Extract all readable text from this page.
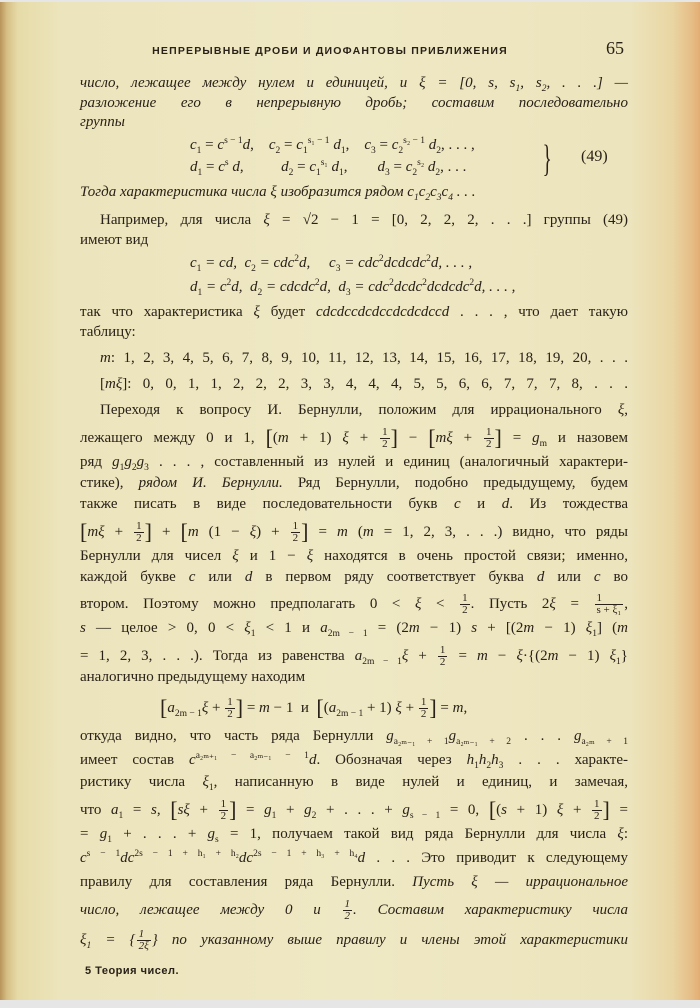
НЕПРЕРЫВНЫЕ ДРОБИ И ДИОФАНТОВЫ ПРИБЛИЖЕНИЯ	65
число, лежащее между нулем и единицей, и ξ = [0, s, $s_1$, $s_2$, . . .] —
разложение его в непрерывную дробь; составим последовательно
группы
$c_1 = c^{s - 1}d$,    $c_2 = c_1^{s_1 - 1}$ $d_1$,    $c_3 = c_2^{s_2 - 1}$ $d_2$, . . . ,
$d_1 = c^s$ d,          $d_2 = c_1^{s_1}$ $d_1$,        $d_3 = c_2^{s_2}$ $d_2$, . . .
Тогда характеристика числа ξ изобразится рядом $c_1c_2c_3c_4$ . . .
Например, для числа ξ = √2 − 1 = [0, 2, 2, 2, . . .] группы (49)
имеют вид
$c_1$ = cd,  $c_2 = cdc^2d$,     $c_3$ = cdc$^2$dcdcdc$^2$d, . . . ,
$d_1 = c^2d$,  $d_2$ = cdcdc$^2$d,  $d_3$ = cdc$^2$dcdc$^2$dcdcdc$^2$d, . . . ,
так что характеристика ξ будет cdcdccdcdccdcdcdccd . . . , что дает такую
таблицу:
m: 1, 2, 3, 4, 5, 6, 7, 8, 9, 10, 11, 12, 13, 14, 15, 16, 17, 18, 19, 20, . . .
[mξ]: 0, 0, 1, 1, 2, 2, 2, 3, 3, 4, 4, 4, 5, 5, 6, 6, 7, 7, 7, 8, . . .
Переходя к вопросу И. Бернулли, положим для иррационального ξ,
лежащего между 0 и 1, [(m + 1) $\xi + \frac{1}{2}$ ] − [$m\xi + \frac{1}{2}$ ] = $g_m$ и назовем
ряд $g_1g_2g_3$ . . . , составленный из нулей и единиц (аналогичный характери-
стике), рядом И. Бернулли. Ряд Бернулли, подобно предыдущему, будем
также писать в виде последовательности букв c и d. Из тождества
[$m\xi + \frac{1}{2}$ ] + [m $(1 - \xi) + \frac{1}{2}$ ] = m (m = 1, 2, 3, . . .) видно, что ряды
Бернулли для чисел ξ и 1 − ξ находятся в очень простой связи; именно,
каждой букве c или d в первом ряду соответствует буква d или c во
втором. Поэтому можно предполагать $0 < \xi < \frac{1}{2}$ . Пусть $2\xi = \frac{1}{\text{s + ξ₁}}$ ,
s — целое > 0, $0 < \xi_1 < 1$ и $a_{2m - 1} = (2m - 1) s + [(2m - 1)$ $\xi_1$] (m
= 1, 2, 3, . . .). Тогда из равенства $a_{2m - 1}\xi + \frac{1}{2} = m - \xi\cdot\{(2m - 1)$ $\xi_1$}
аналогично предыдущему находим
[$a_{2m - 1}\xi + \frac{1}{2}$ ] = m − 1  и  [$(a_{2m - 1} + 1) \xi + \frac{1}{2}$ ] = m,
откуда видно, что часть ряда Бернулли $g_{a_{2m-1} + 1}g_{a_{2m-1} + 2}$ . . . $g_{a_{2m} + 1}$
имеет состав $c^{a_{2m+1} - a_{2m-1} - 1}d$. Обозначая через $h_1h_2h_3$ . . . характе-
ристику числа $\xi_1$, написанную в виде нулей и единиц, и замечая,
что $a_1 = s$, [$s\xi + \frac{1}{2}$ ] = $g_1 + g_2$ + . . . + $g_{s - 1} = 0$, [(s + 1) $\xi + \frac{1}{2}$ ] =
= $g_1$ + . . . + $g_s = 1$, получаем такой вид ряда Бернулли для числа ξ:
$c^{s - 1}dc^{2s - 1 + h_1 + h_2}dc^{2s - 1 + h_3 + h_4}d$ . . . Это приводит к следующему
правилу для составления ряда Бернулли. Пусть ξ — иррациональное
число, лежащее между 0 и $\frac{1}{2}$ . Составим характеристику числа
$\xi_1$ = { $\frac{1}{2\xi}$ } по указанному выше правилу и члены этой характеристики
} (49)
5 Теория чисел.
